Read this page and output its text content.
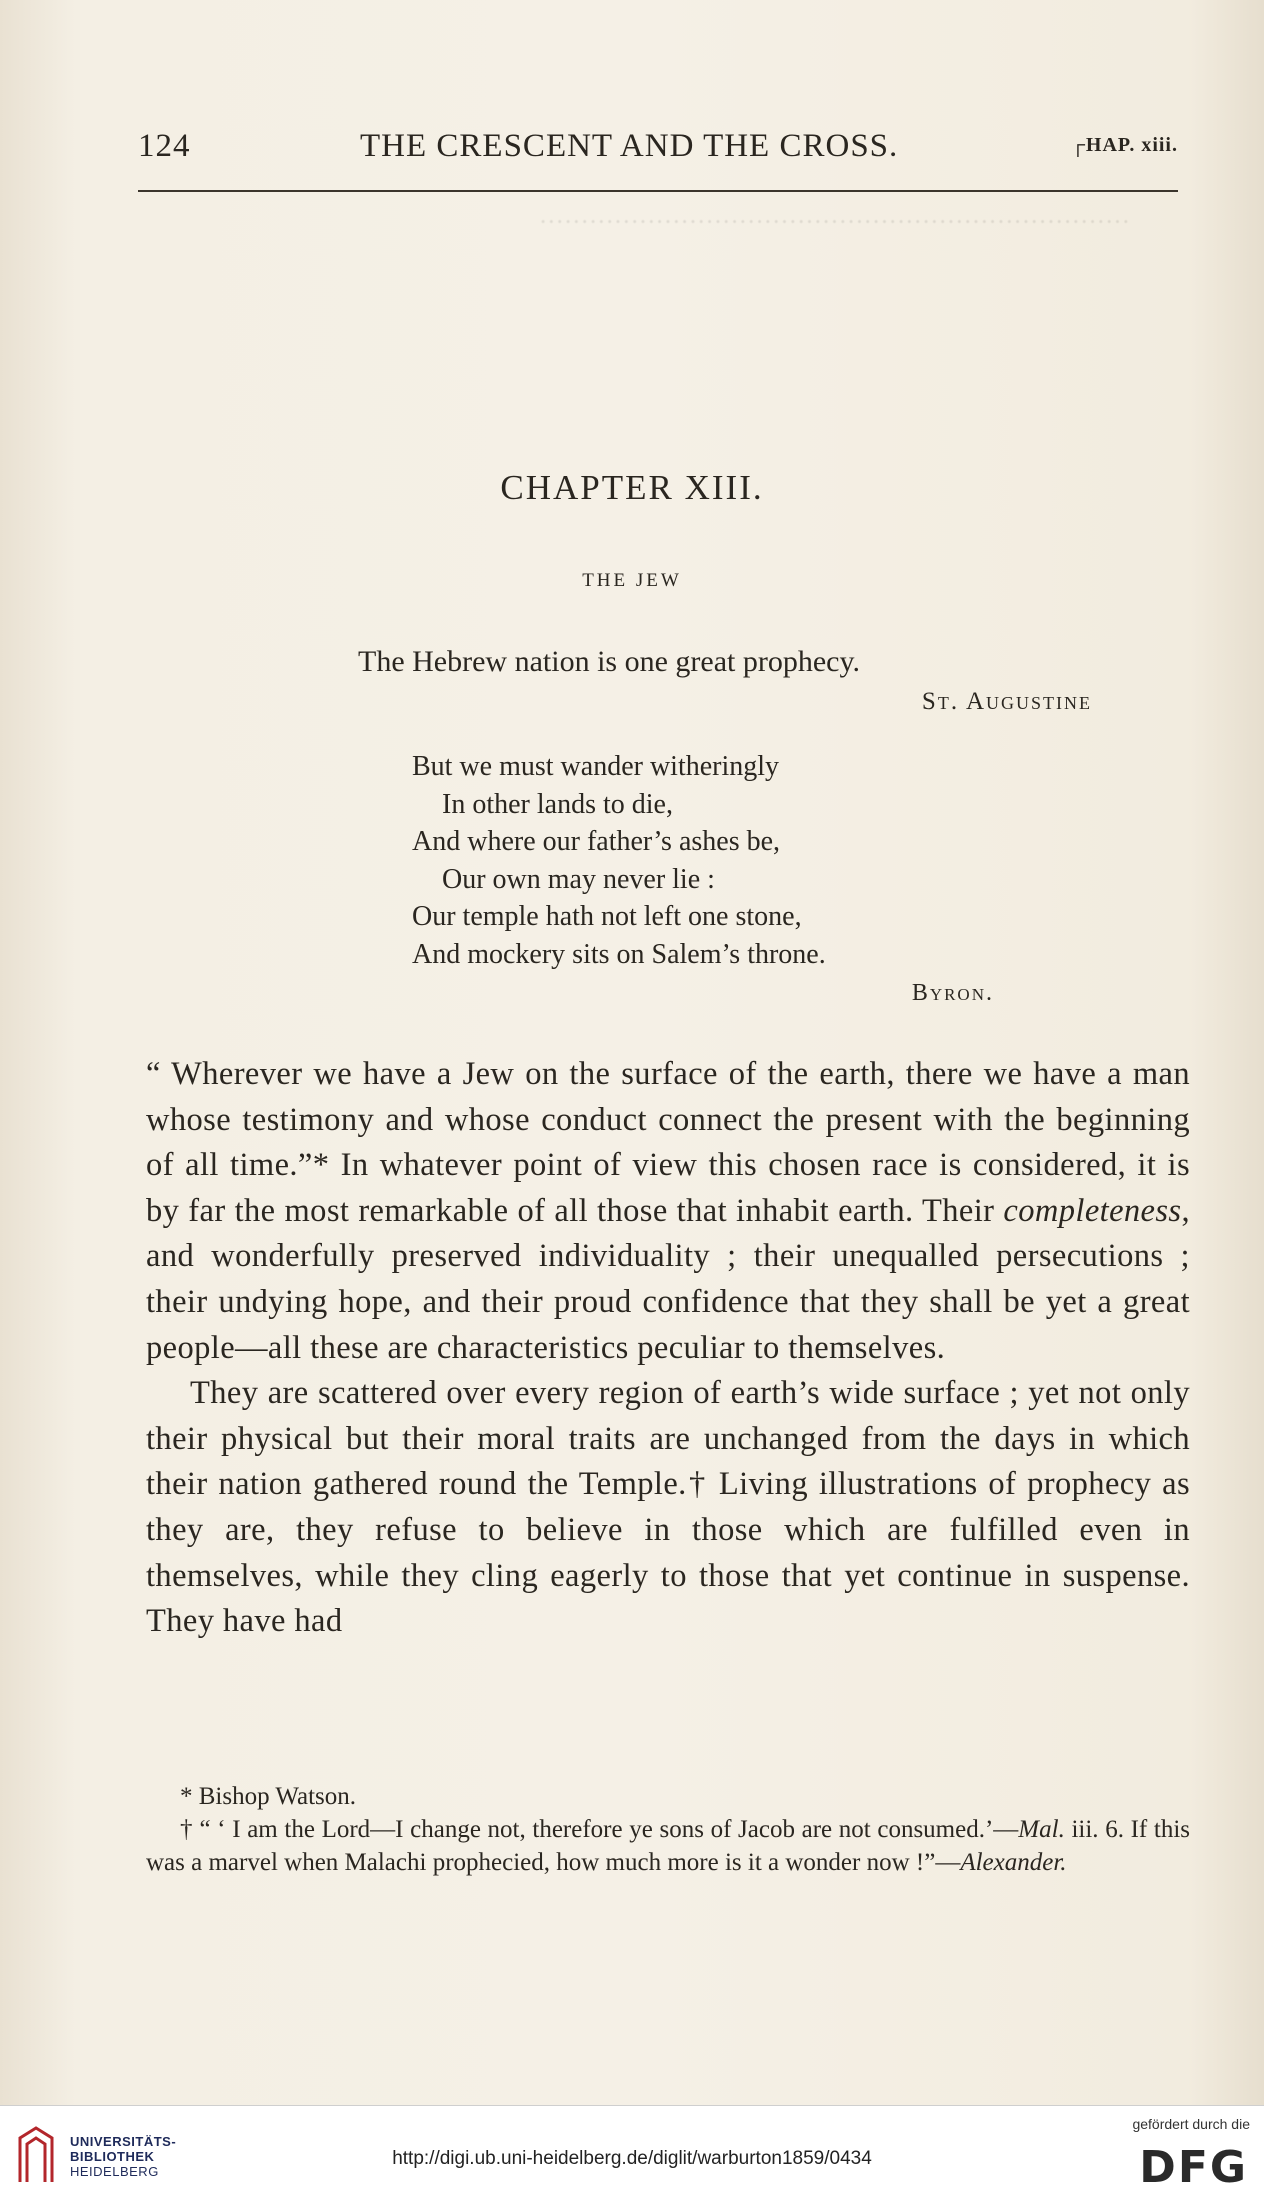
·······································································
124	THE CRESCENT AND THE CROSS.	┌HAP. xiii.
CHAPTER XIII.
THE JEW
The Hebrew nation is one great prophecy.
St. Augustine
But we must wander witheringly
In other lands to die,
And where our father’s ashes be,
Our own may never lie :
Our temple hath not left one stone,
And mockery sits on Salem’s throne.
Byron.

“ Wherever we have a Jew on the surface of the earth, there we have a man whose testimony and whose conduct connect the present with the beginning of all time.”* In whatever point of view this chosen race is considered, it is by far the most remarkable of all those that inhabit earth. Their completeness, and wonderfully preserved individuality ; their unequalled persecutions ; their undying hope, and their proud confidence that they shall be yet a great people—all these are characteristics peculiar to themselves.

They are scattered over every region of earth’s wide surface ; yet not only their physical but their moral traits are unchanged from the days in which their nation gathered round the Temple.† Living illustrations of prophecy as they are, they refuse to believe in those which are fulfilled even in themselves, while they cling eagerly to those that yet continue in suspense. They have had

* Bishop Watson.

† “ ‘ I am the Lord—I change not, therefore ye sons of Jacob are not consumed.’—Mal. iii. 6. If this was a marvel when Malachi prophecied, how much more is it a wonder now !”—Alexander.

UNIVERSITÄTS-
BIBLIOTHEK
HEIDELBERG
http://digi.ub.uni-heidelberg.de/diglit/warburton1859/0434
gefördert durch die
DFG
